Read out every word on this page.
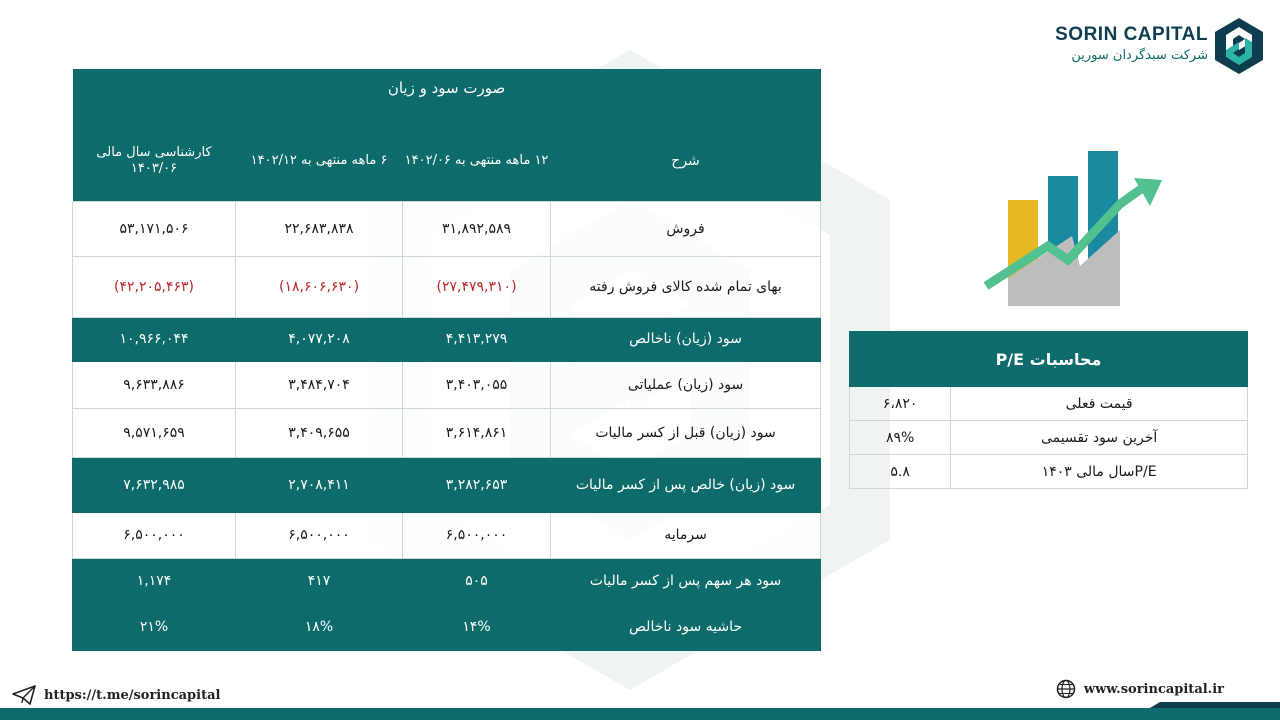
صورت سود و زیان			
شرح	۱۲ ماهه منتهی به ۱۴۰۲/۰۶	۶ ماهه منتهی به ۱۴۰۲/۱۲	کارشناسی سال مالی ۱۴۰۳/۰۶
فروش	۳۱,۸۹۲,۵۸۹	۲۲,۶۸۳,۸۳۸	۵۳,۱۷۱,۵۰۶
بهای تمام شده کالای فروش رفته	(۲۷,۴۷۹,۳۱۰)	(۱۸,۶۰۶,۶۳۰)	(۴۲,۲۰۵,۴۶۳)
سود (زیان) ناخالص	۴,۴۱۳,۲۷۹	۴,۰۷۷,۲۰۸	۱۰,۹۶۶,۰۴۴
سود (زیان) عملیاتی	۳,۴۰۳,۰۵۵	۳,۴۸۴,۷۰۴	۹,۶۳۳,۸۸۶
سود (زیان) قبل از کسر مالیات	۳,۶۱۴,۸۶۱	۳,۴۰۹,۶۵۵	۹,۵۷۱,۶۵۹
سود (زیان) خالص پس از کسر مالیات	۳,۲۸۲,۶۵۳	۲,۷۰۸,۴۱۱	۷,۶۳۲,۹۸۵
سرمایه	۶,۵۰۰,۰۰۰	۶,۵۰۰,۰۰۰	۶,۵۰۰,۰۰۰
سود هر سهم پس از کسر مالیات	۵۰۵	۴۱۷	۱,۱۷۴
حاشیه سود ناخالص	۱۴%	۱۸%	۲۱%
SORIN CAPITAL
شرکت سبدگردان سورین
محاسبات P/E
قیمت فعلی
۶،۸۲۰
آخرین سود تقسیمی
۸۹%
P/Eسال مالی ۱۴۰۳
۵.۸
https://t.me/sorincapital	www.sorincapital.ir
